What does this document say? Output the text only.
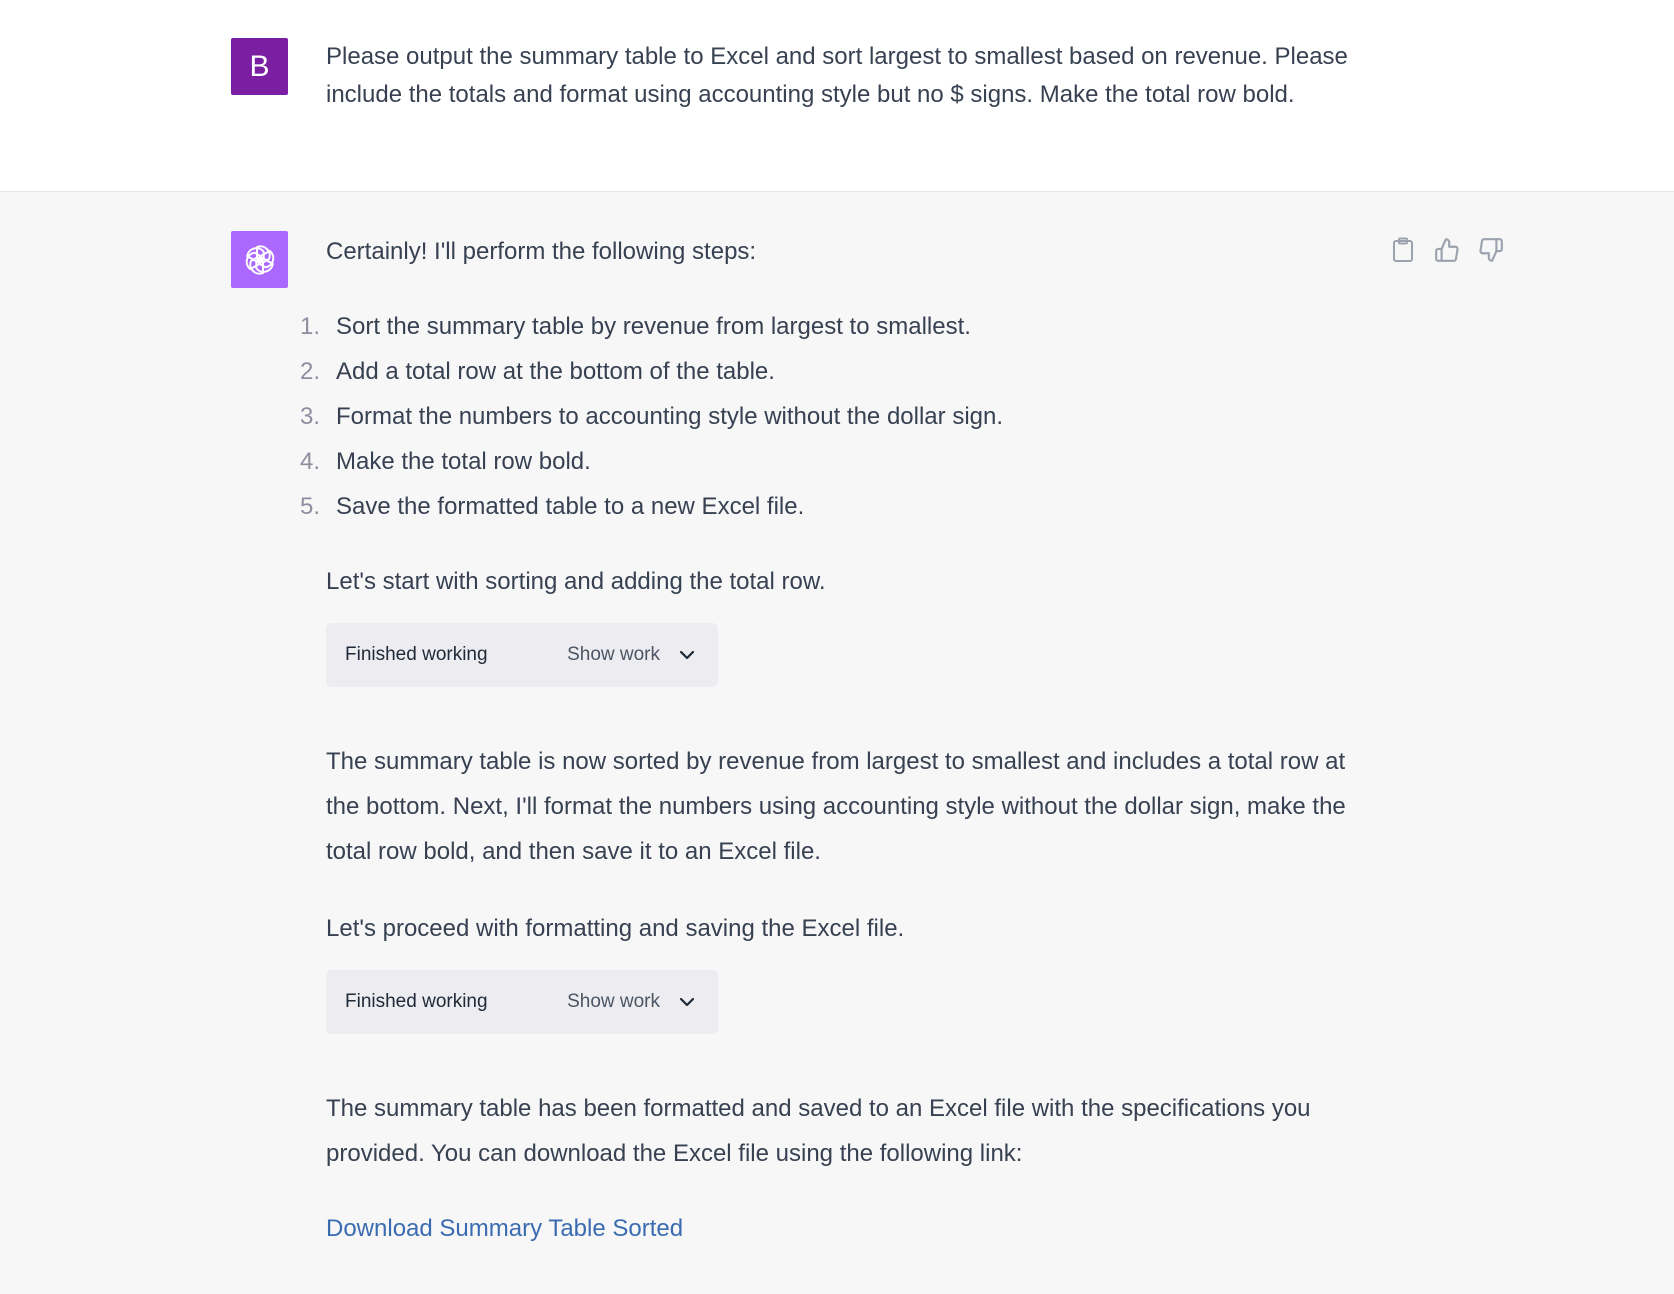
B	Please output the summary table to Excel and sort largest to smallest based on revenue. Please include the totals and format using accounting style but no $ signs. Make the total row bold.

Certainly! I'll perform the following steps:

1. Sort the summary table by revenue from largest to smallest.
2. Add a total row at the bottom of the table.
3. Format the numbers to accounting style without the dollar sign.
4. Make the total row bold.
5. Save the formatted table to a new Excel file.

Let's start with sorting and adding the total row.

Finished working	Show work

The summary table is now sorted by revenue from largest to smallest and includes a total row at the bottom. Next, I'll format the numbers using accounting style without the dollar sign, make the total row bold, and then save it to an Excel file.

Let's proceed with formatting and saving the Excel file.

Finished working	Show work

The summary table has been formatted and saved to an Excel file with the specifications you provided. You can download the Excel file using the following link:

Download Summary Table Sorted
